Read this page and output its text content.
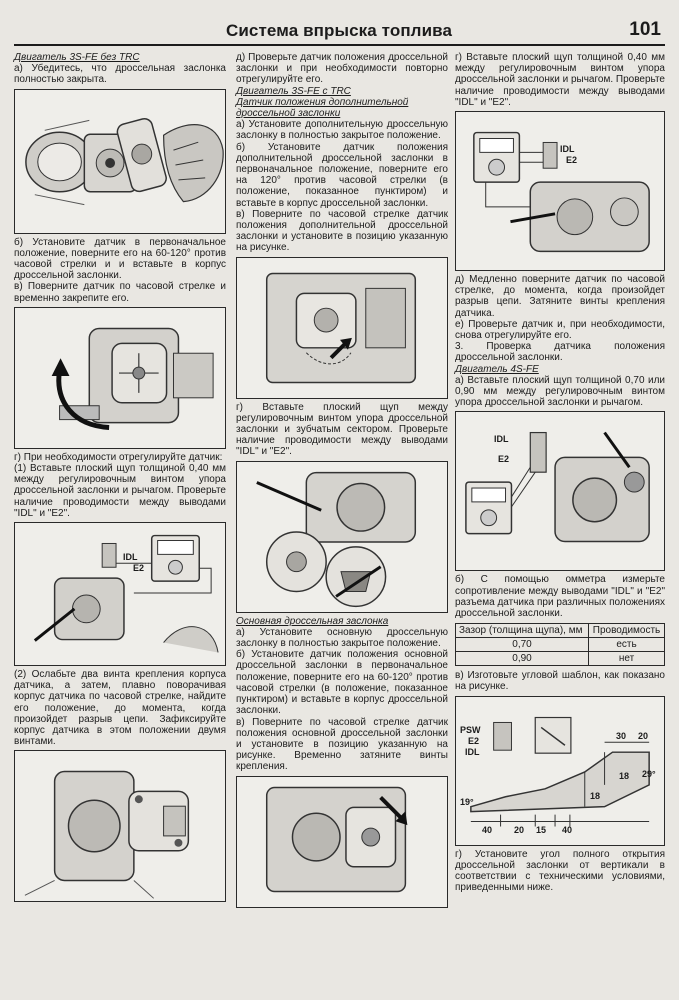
Система впрыска топлива	101

Двигатель 3S-FE без TRC

а) Убедитесь, что дроссельная заслонка полностью закрыта.

б) Установите датчик в первоначальное положение, поверните его на 60-120° против часовой стрелки и и вставьте в корпус дроссельной заслонки.

в) Поверните датчик по часовой стрелке и временно закрепите его.

г) При необходимости отрегулируйте датчик:

(1) Вставьте плоский щуп толщиной 0,40 мм между регулировочным винтом упора дроссельной заслонки и рычагом. Проверьте наличие проводимости между выводами "IDL" и "E2".

IDL
E2

(2) Ослабьте два винта крепления корпуса датчика, а затем, плавно поворачивая корпус датчика по часовой стрелке, найдите его положение, до момента, когда произойдет разрыв цепи. Зафиксируйте корпус датчика в этом положении двумя винтами.

д) Проверьте датчик положения дроссельной заслонки и при необходимости повторно отрегулируйте его.

Двигатель 3S-FE с TRC

Датчик положения дополнительной дроссельной заслонки

а) Установите дополнительную дроссельную заслонку в полностью закрытое положение.

б) Установите датчик положения дополнительной дроссельной заслонки в первоначальное положение, поверните его на 120° против часовой стрелки (в положение, показанное пунктиром) и вставьте в корпус дроссельной заслонки.

в) Поверните по часовой стрелке датчик положения дополнительной дроссельной заслонки и установите в позицию указанную на рисунке.

г) Вставьте плоский щуп между регулировочным винтом упора дроссельной заслонки и зубчатым сектором. Проверьте наличие проводимости между выводами "IDL" и "E2".

Основная дроссельная заслонка

а) Установите основную дроссельную заслонку в полностью закрытое положение.

б) Установите датчик положения основной дроссельной заслонки в первоначальное положение, поверните его на 60-120° против часовой стрелки (в положение, показанное пунктиром) и вставьте в корпус дроссельной заслонки.

в) Поверните по часовой стрелке датчик положения основной дроссельной заслонки и установите в позицию указанную на рисунке. Временно затяните винты крепления.

г) Вставьте плоский щуп толщиной 0,40 мм между регулировочным винтом упора дроссельной заслонки и рычагом. Проверьте наличие проводимости между выводами "IDL" и "E2".

IDL
E2

д) Медленно поверните датчик по часовой стрелке, до момента, когда произойдет разрыв цепи. Затяните винты крепления датчика.

е) Проверьте датчик и, при необходимости, снова отрегулируйте его.

3. Проверка датчика положения дроссельной заслонки.

Двигатель 4S-FE

а) Вставьте плоский щуп толщиной 0,70 или 0,90 мм между регулировочным винтом упора дроссельной заслонки и рычагом.

IDL
E2

б) С помощью омметра измерьте сопротивление между выводами "IDL" и "E2" разъема датчика при различных положениях дроссельной заслонки.

Зазор (толщина щупа), мм	Проводимость
0,70	есть
0,90	нет

в) Изготовьте угловой шаблон, как показано на рисунке.

PSW
E2
IDL
30 20
18
18
29°
19°
40 20 15 40

г) Установите угол полного открытия дроссельной заслонки от вертикали в соответствии с техническими условиями, приведенными ниже.
